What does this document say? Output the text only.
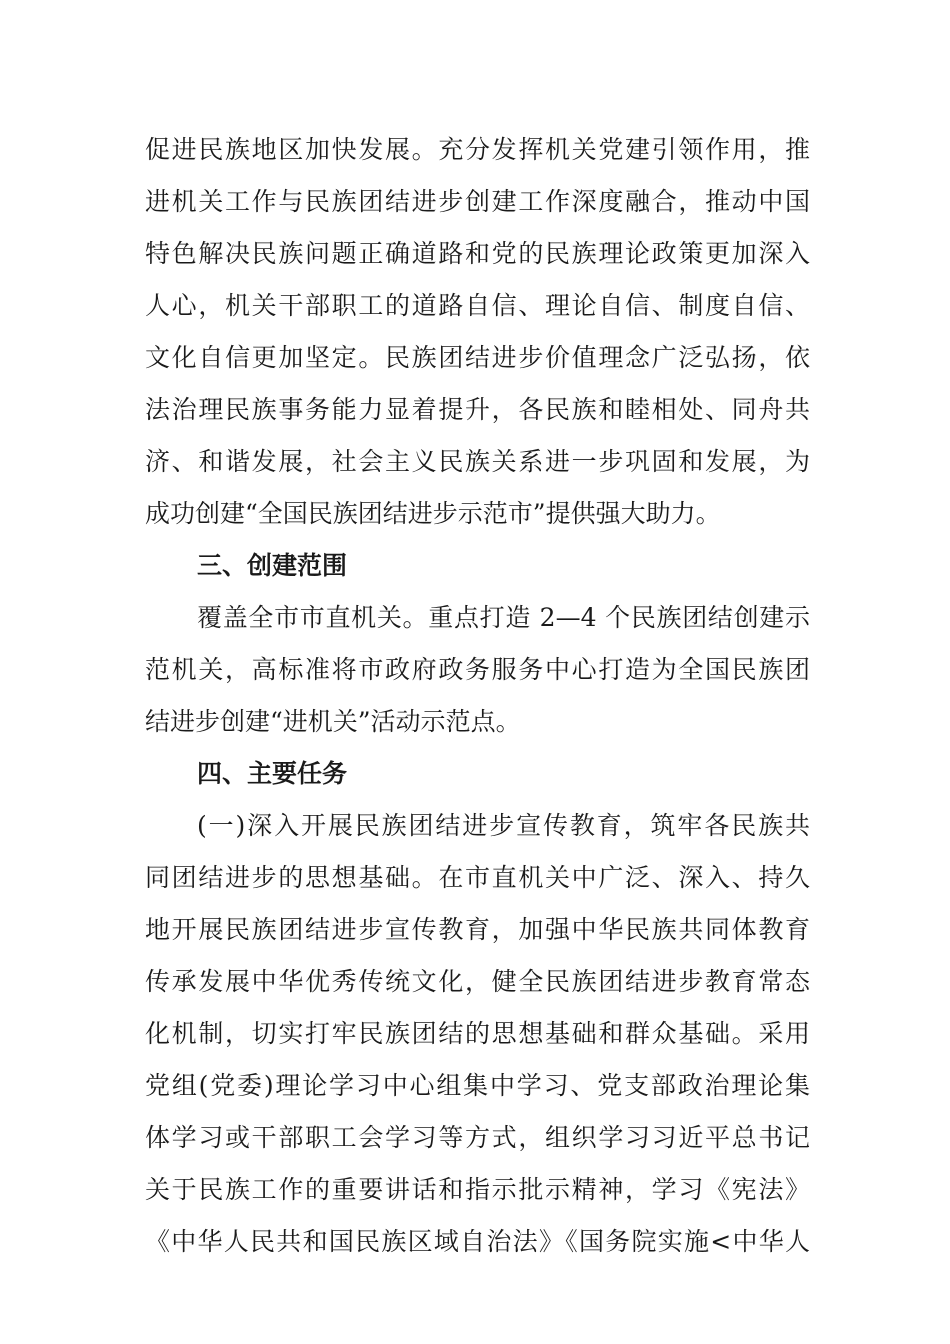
促进民族地区加快发展。充分发挥机关党建引领作用，推
进机关工作与民族团结进步创建工作深度融合，推动中国
特色解决民族问题正确道路和党的民族理论政策更加深入
人心，机关干部职工的道路自信、理论自信、制度自信、
文化自信更加坚定。民族团结进步价值理念广泛弘扬，依
法治理民族事务能力显着提升，各民族和睦相处、同舟共
济、和谐发展，社会主义民族关系进一步巩固和发展，为
成功创建“全国民族团结进步示范市”提供强大助力。
三、创建范围
覆盖全市市直机关。重点打造 2—4 个民族团结创建示
范机关，高标准将市政府政务服务中心打造为全国民族团
结进步创建“进机关”活动示范点。
四、主要任务
(一)深入开展民族团结进步宣传教育，筑牢各民族共
同团结进步的思想基础。在市直机关中广泛、深入、持久
地开展民族团结进步宣传教育，加强中华民族共同体教育
传承发展中华优秀传统文化，健全民族团结进步教育常态
化机制，切实打牢民族团结的思想基础和群众基础。采用
党组(党委)理论学习中心组集中学习、党支部政治理论集
体学习或干部职工会学习等方式，组织学习习近平总书记
关于民族工作的重要讲话和指示批示精神，学习《宪法》
《中华人民共和国民族区域自治法》《国务院实施<中华人
